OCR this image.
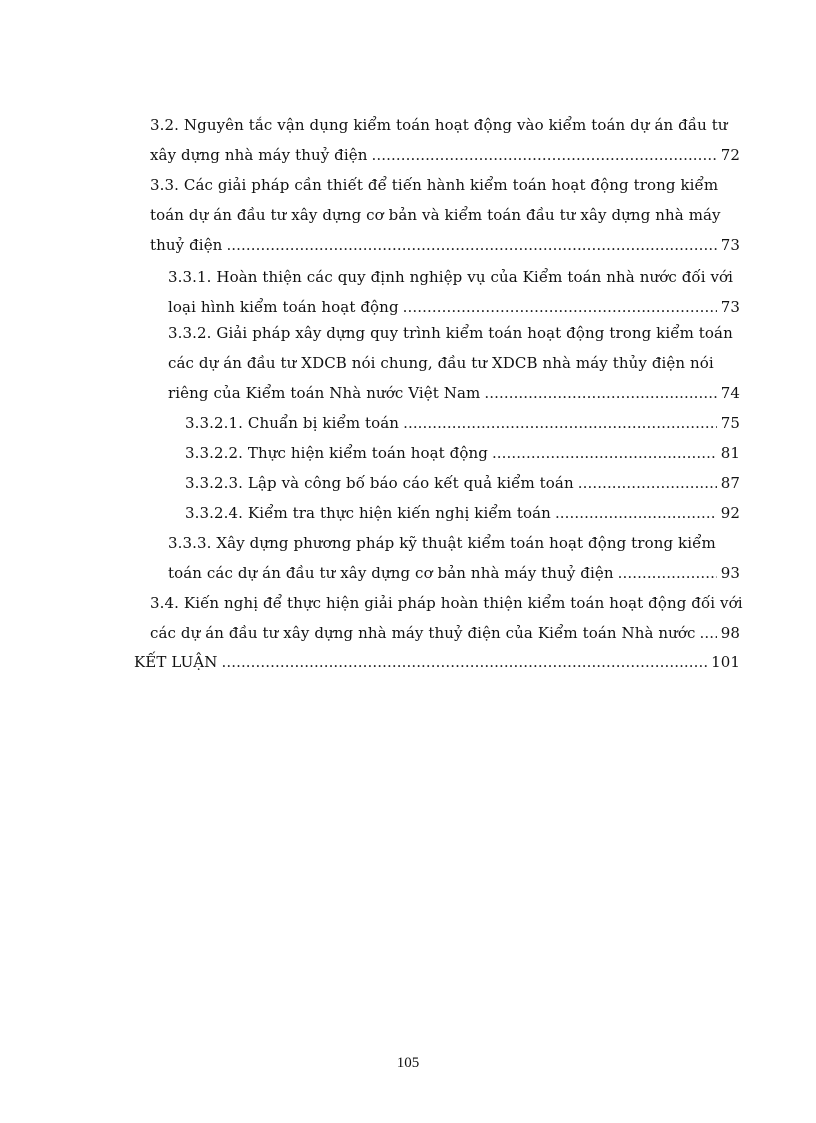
3.2. Nguyên tắc vận dụng kiểm toán hoạt động vào kiểm toán dự án đầu tư
xây dựng nhà máy thuỷ điện .....	72
3.3. Các giải pháp cần thiết để tiến hành kiểm toán hoạt động trong kiểm
toán dự án đầu tư xây dựng cơ bản và kiểm toán đầu tư xây dựng nhà máy
thuỷ điện .....	73
3.3.1. Hoàn thiện các quy định nghiệp vụ của Kiểm toán nhà nước đối với
loại hình kiểm toán hoạt động .....	73
3.3.2. Giải pháp xây dựng quy trình kiểm toán hoạt động trong kiểm toán
các dự án đầu tư XDCB nói chung, đầu tư XDCB nhà máy thủy điện nói
riêng của Kiểm toán Nhà nước Việt Nam .....	74
3.3.2.1. Chuẩn bị kiểm toán .....	75
3.3.2.2. Thực hiện kiểm toán hoạt động .....	81
3.3.2.3. Lập và công bố báo cáo kết quả kiểm toán .....	87
3.3.2.4. Kiểm tra thực hiện kiến nghị kiểm toán .....	92
3.3.3. Xây dựng phương pháp kỹ thuật kiểm toán hoạt động trong kiểm
toán các dự án đầu tư xây dựng cơ bản nhà máy thuỷ điện .....	93
3.4. Kiến nghị để thực hiện giải pháp hoàn thiện kiểm toán hoạt động đối với
các dự án đầu tư xây dựng nhà máy thuỷ điện của Kiểm toán Nhà nước ..... 98
KẾT LUẬN .....	101
105
